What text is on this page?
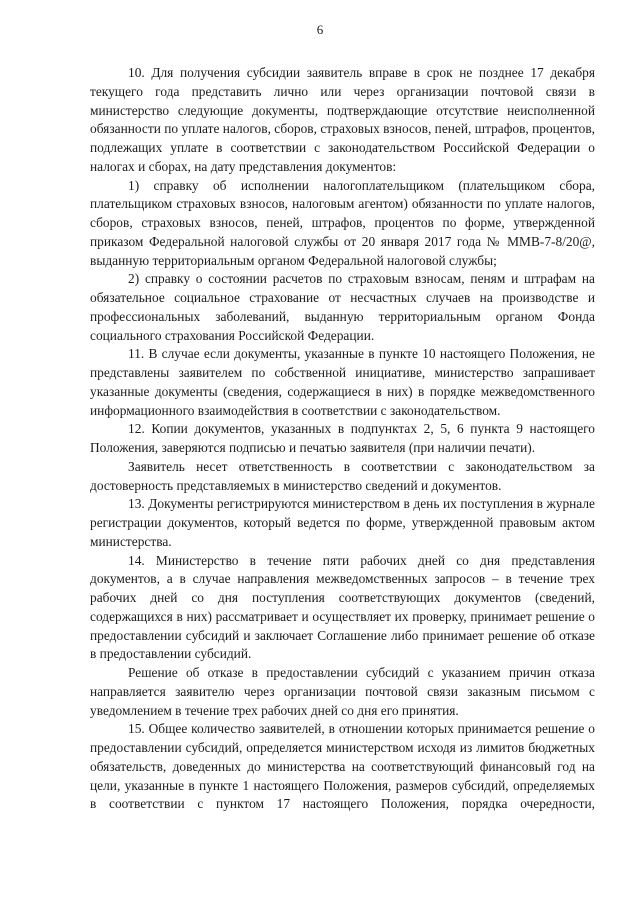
6

10. Для получения субсидии заявитель вправе в срок не позднее 17 декабря текущего года представить лично или через организации почтовой связи в министерство следующие документы, подтверждающие отсутствие неисполненной обязанности по уплате налогов, сборов, страховых взносов, пеней, штрафов, процентов, подлежащих уплате в соответствии с законодательством Российской Федерации о налогах и сборах, на дату представления документов:

1) справку об исполнении налогоплательщиком (плательщиком сбора, плательщиком страховых взносов, налоговым агентом) обязанности по уплате налогов, сборов, страховых взносов, пеней, штрафов, процентов по форме, утвержденной приказом Федеральной налоговой службы от 20 января 2017 года № ММВ-7-8/20@, выданную территориальным органом Федеральной налоговой службы;

2) справку о состоянии расчетов по страховым взносам, пеням и штрафам на обязательное социальное страхование от несчастных случаев на производстве и профессиональных заболеваний, выданную территориальным органом Фонда социального страхования Российской Федерации.

11. В случае если документы, указанные в пункте 10 настоящего Положения, не представлены заявителем по собственной инициативе, министерство запрашивает указанные документы (сведения, содержащиеся в них) в порядке межведомственного информационного взаимодействия в соответствии с законодательством.

12. Копии документов, указанных в подпунктах 2, 5, 6 пункта 9 настоящего Положения, заверяются подписью и печатью заявителя (при наличии печати).

Заявитель несет ответственность в соответствии с законодательством за достоверность представляемых в министерство сведений и документов.

13. Документы регистрируются министерством в день их поступления в журнале регистрации документов, который ведется по форме, утвержденной правовым актом министерства.

14. Министерство в течение пяти рабочих дней со дня представления документов, а в случае направления межведомственных запросов – в течение трех рабочих дней со дня поступления соответствующих документов (сведений, содержащихся в них) рассматривает и осуществляет их проверку, принимает решение о предоставлении субсидий и заключает Соглашение либо принимает решение об отказе в предоставлении субсидий.

Решение об отказе в предоставлении субсидий с указанием причин отказа направляется заявителю через организации почтовой связи заказным письмом с уведомлением в течение трех рабочих дней со дня его принятия.

15. Общее количество заявителей, в отношении которых принимается решение о предоставлении субсидий, определяется министерством исходя из лимитов бюджетных обязательств, доведенных до министерства на соответствующий финансовый год на цели, указанные в пункте 1 настоящего Положения, размеров субсидий, определяемых в соответствии с пунктом 17 настоящего Положения, порядка очередности,
